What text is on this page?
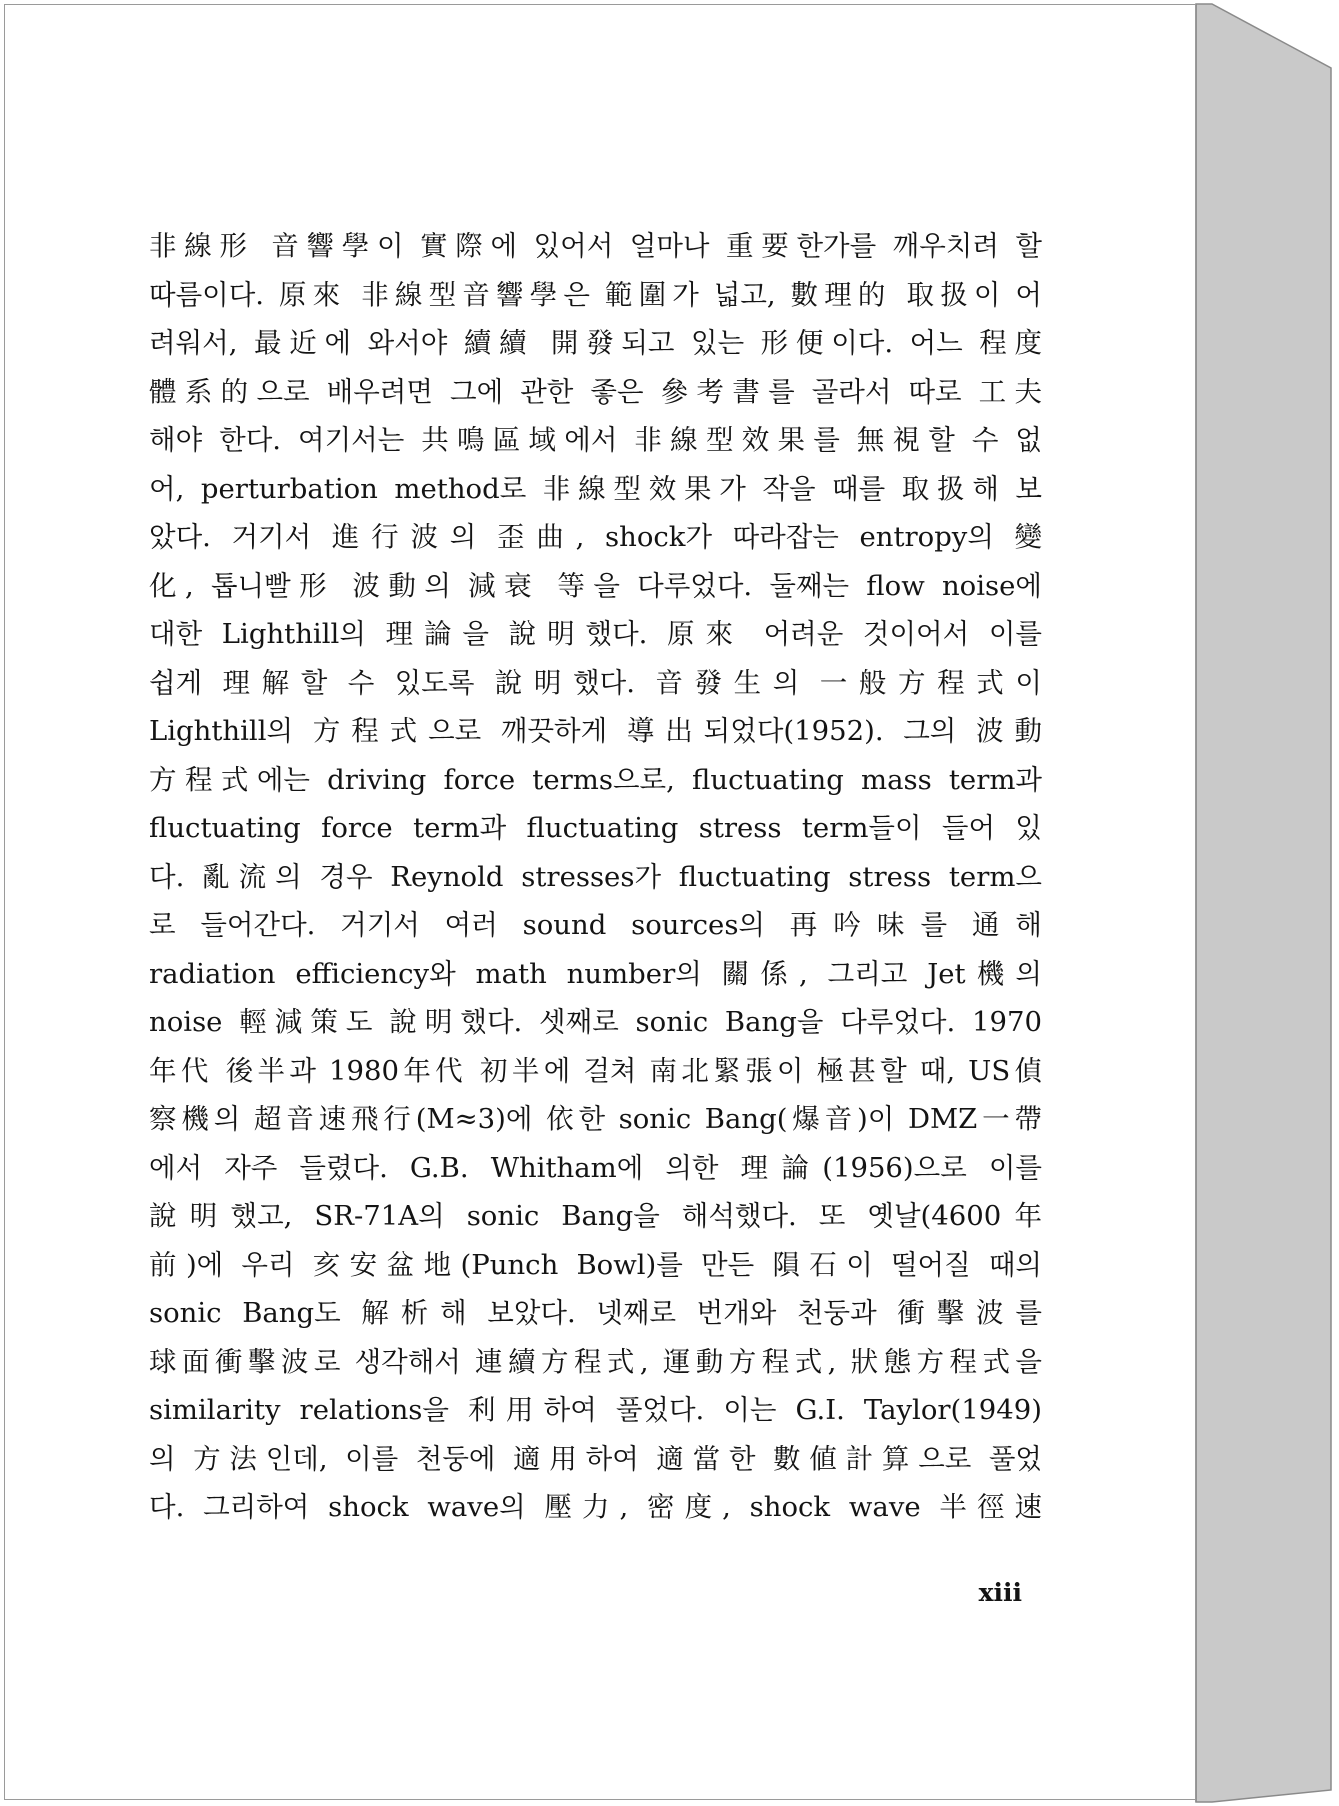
非線形 音響學이 實際에 있어서 얼마나 重要한가를 깨우치려 할
따름이다. 原來 非線型音響學은 範圍가 넓고, 數理的 取扱이 어
려워서, 最近에 와서야 續續 開發되고 있는 形便이다. 어느 程度
體系的으로 배우려면 그에 관한 좋은 參考書를 골라서 따로 工夫
해야 한다. 여기서는 共鳴區域에서 非線型效果를 無視할 수 없
어, perturbation method로 非線型效果가 작을 때를 取扱해 보
았다. 거기서 進行波의 歪曲, shock가 따라잡는 entropy의 變
化, 톱니빨形 波動의 減衰 等을 다루었다. 둘째는 flow noise에
대한 Lighthill의 理論을 說明했다. 原來 어려운 것이어서 이를
쉽게 理解할 수 있도록 說明했다. 音發生의 一般方程式이
Lighthill의 方程式으로 깨끗하게 導出되었다(1952). 그의 波動
方程式에는 driving force terms으로, fluctuating mass term과
fluctuating force term과 fluctuating stress term들이 들어 있
다. 亂流의 경우 Reynold stresses가 fluctuating stress term으
로 들어간다. 거기서 여러 sound sources의 再吟味를 通해
radiation efficiency와 math number의 關係, 그리고 Jet機의
noise 輕減策도 說明했다. 셋째로 sonic Bang을 다루었다. 1970
年代 後半과 1980年代 初半에 걸쳐 南北緊張이 極甚할 때, US偵
察機의 超音速飛行(M≈3)에 依한 sonic Bang(爆音)이 DMZ一帶
에서 자주 들렸다. G.B. Whitham에 의한 理論(1956)으로 이를
說明했고, SR-71A의 sonic Bang을 해석했다. 또 옛날(4600年
前)에 우리 亥安盆地(Punch Bowl)를 만든 隕石이 떨어질 때의
sonic Bang도 解析해 보았다. 넷째로 번개와 천둥과 衝擊波를
球面衝擊波로 생각해서 連續方程式, 運動方程式, 狀態方程式을
similarity relations을 利用하여 풀었다. 이는 G.I. Taylor(1949)
의 方法인데, 이를 천둥에 適用하여 適當한 數値計算으로 풀었
다. 그리하여 shock wave의 壓力, 密度, shock wave 半徑速
xiii
